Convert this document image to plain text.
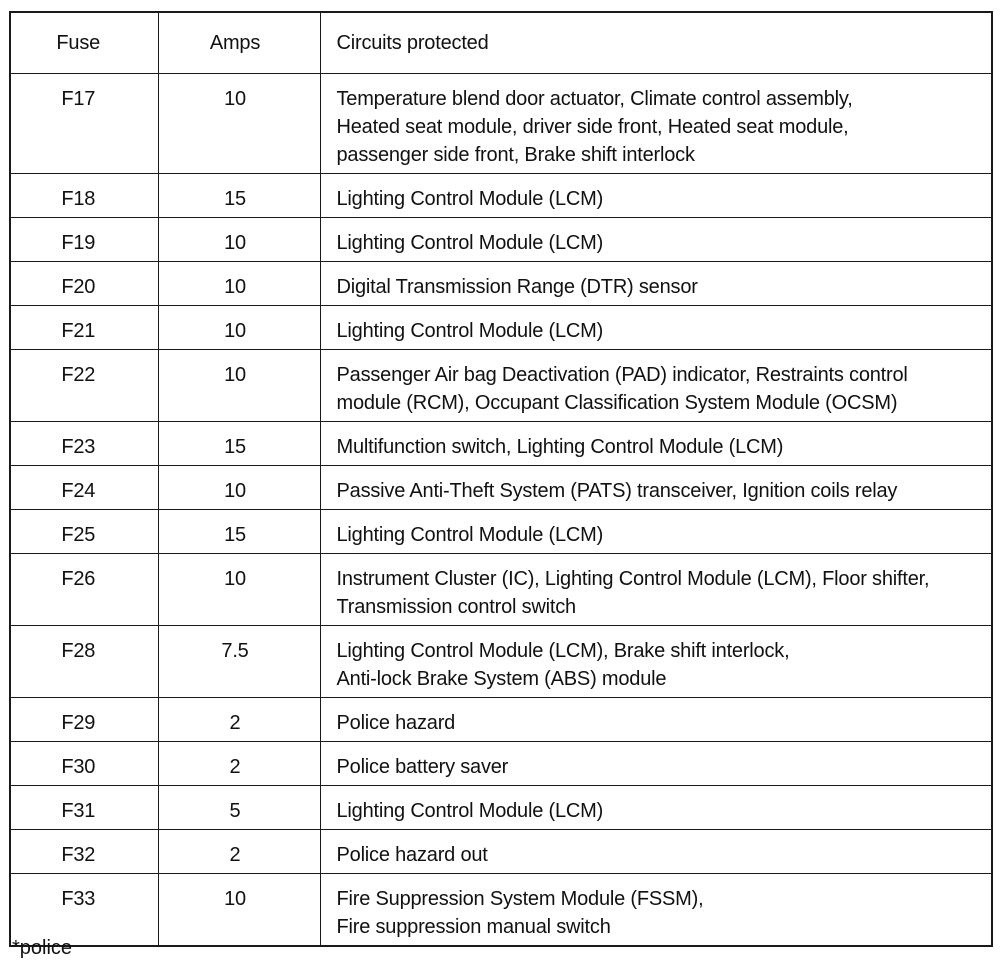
Fuse	Amps	Circuits protected
F17	10	Temperature blend door actuator, Climate control assembly,
Heated seat module, driver side front, Heated seat module,
passenger side front, Brake shift interlock
F18	15	Lighting Control Module (LCM)
F19	10	Lighting Control Module (LCM)
F20	10	Digital Transmission Range (DTR) sensor
F21	10	Lighting Control Module (LCM)
F22	10	Passenger Air bag Deactivation (PAD) indicator, Restraints control
module (RCM), Occupant Classification System Module (OCSM)
F23	15	Multifunction switch, Lighting Control Module (LCM)
F24	10	Passive Anti-Theft System (PATS) transceiver, Ignition coils relay
F25	15	Lighting Control Module (LCM)
F26	10	Instrument Cluster (IC), Lighting Control Module (LCM), Floor shifter,
Transmission control switch
F28	7.5	Lighting Control Module (LCM), Brake shift interlock,
Anti-lock Brake System (ABS) module
F29	2	Police hazard
F30	2	Police battery saver
F31	5	Lighting Control Module (LCM)
F32	2	Police hazard out
F33	10	Fire Suppression System Module (FSSM),
Fire suppression manual switch
*police
